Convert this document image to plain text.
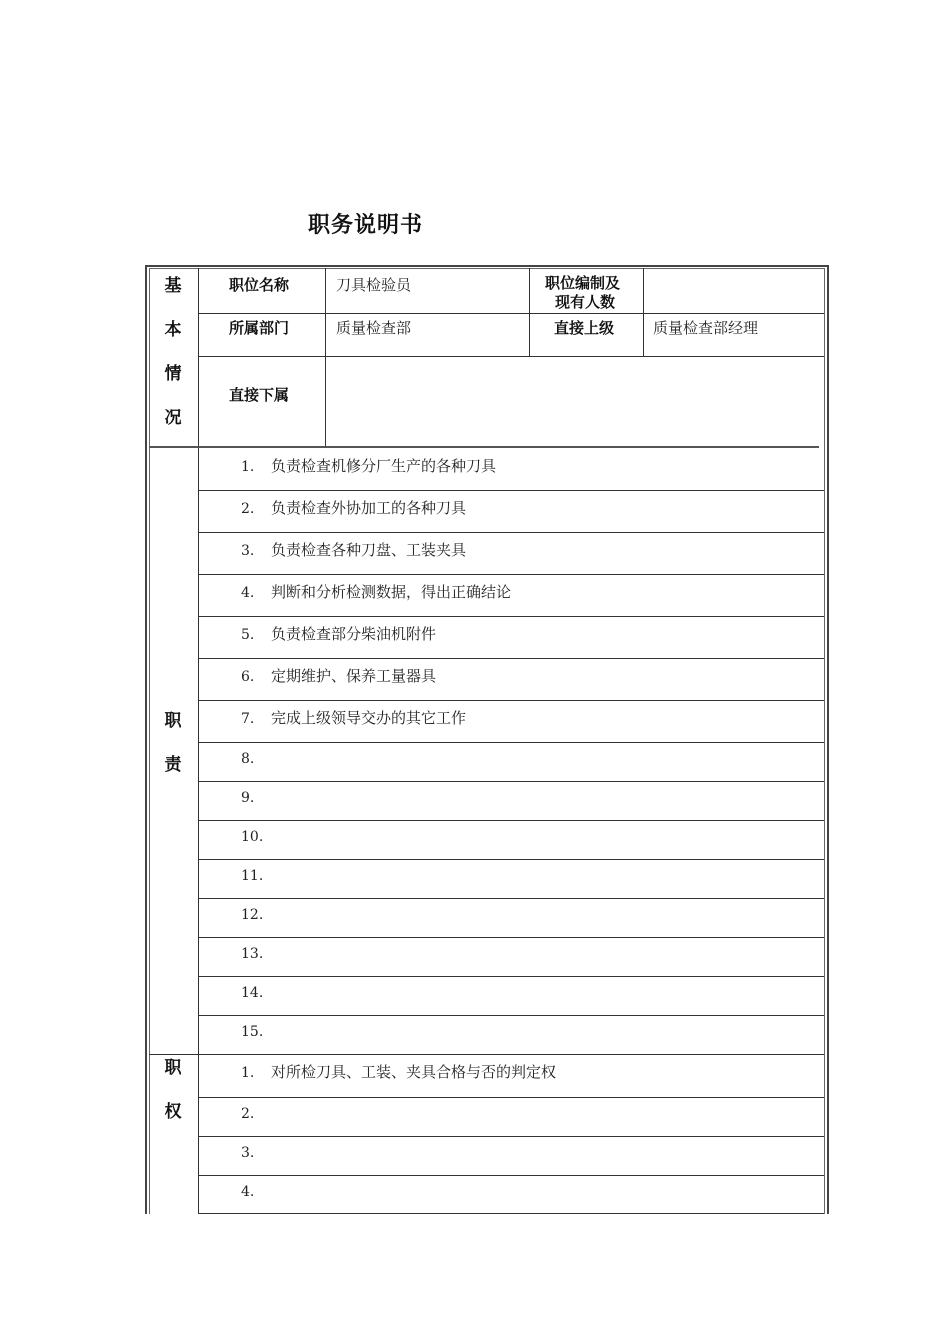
职务说明书
基
本
情
况
职位名称	刀具检验员	职位编制及
现有人数
所属部门	质量检查部	直接上级	质量检查部经理
直接下属
职
责
1. 负责检查机修分厂生产的各种刀具
2. 负责检查外协加工的各种刀具
3. 负责检查各种刀盘、工装夹具
4. 判断和分析检测数据，得出正确结论
5. 负责检查部分柴油机附件
6. 定期维护、保养工量器具
7. 完成上级领导交办的其它工作
8.
9.
10.
11.
12.
13.
14.
15.
职
权
1. 对所检刀具、工装、夹具合格与否的判定权
2.
3.
4.
